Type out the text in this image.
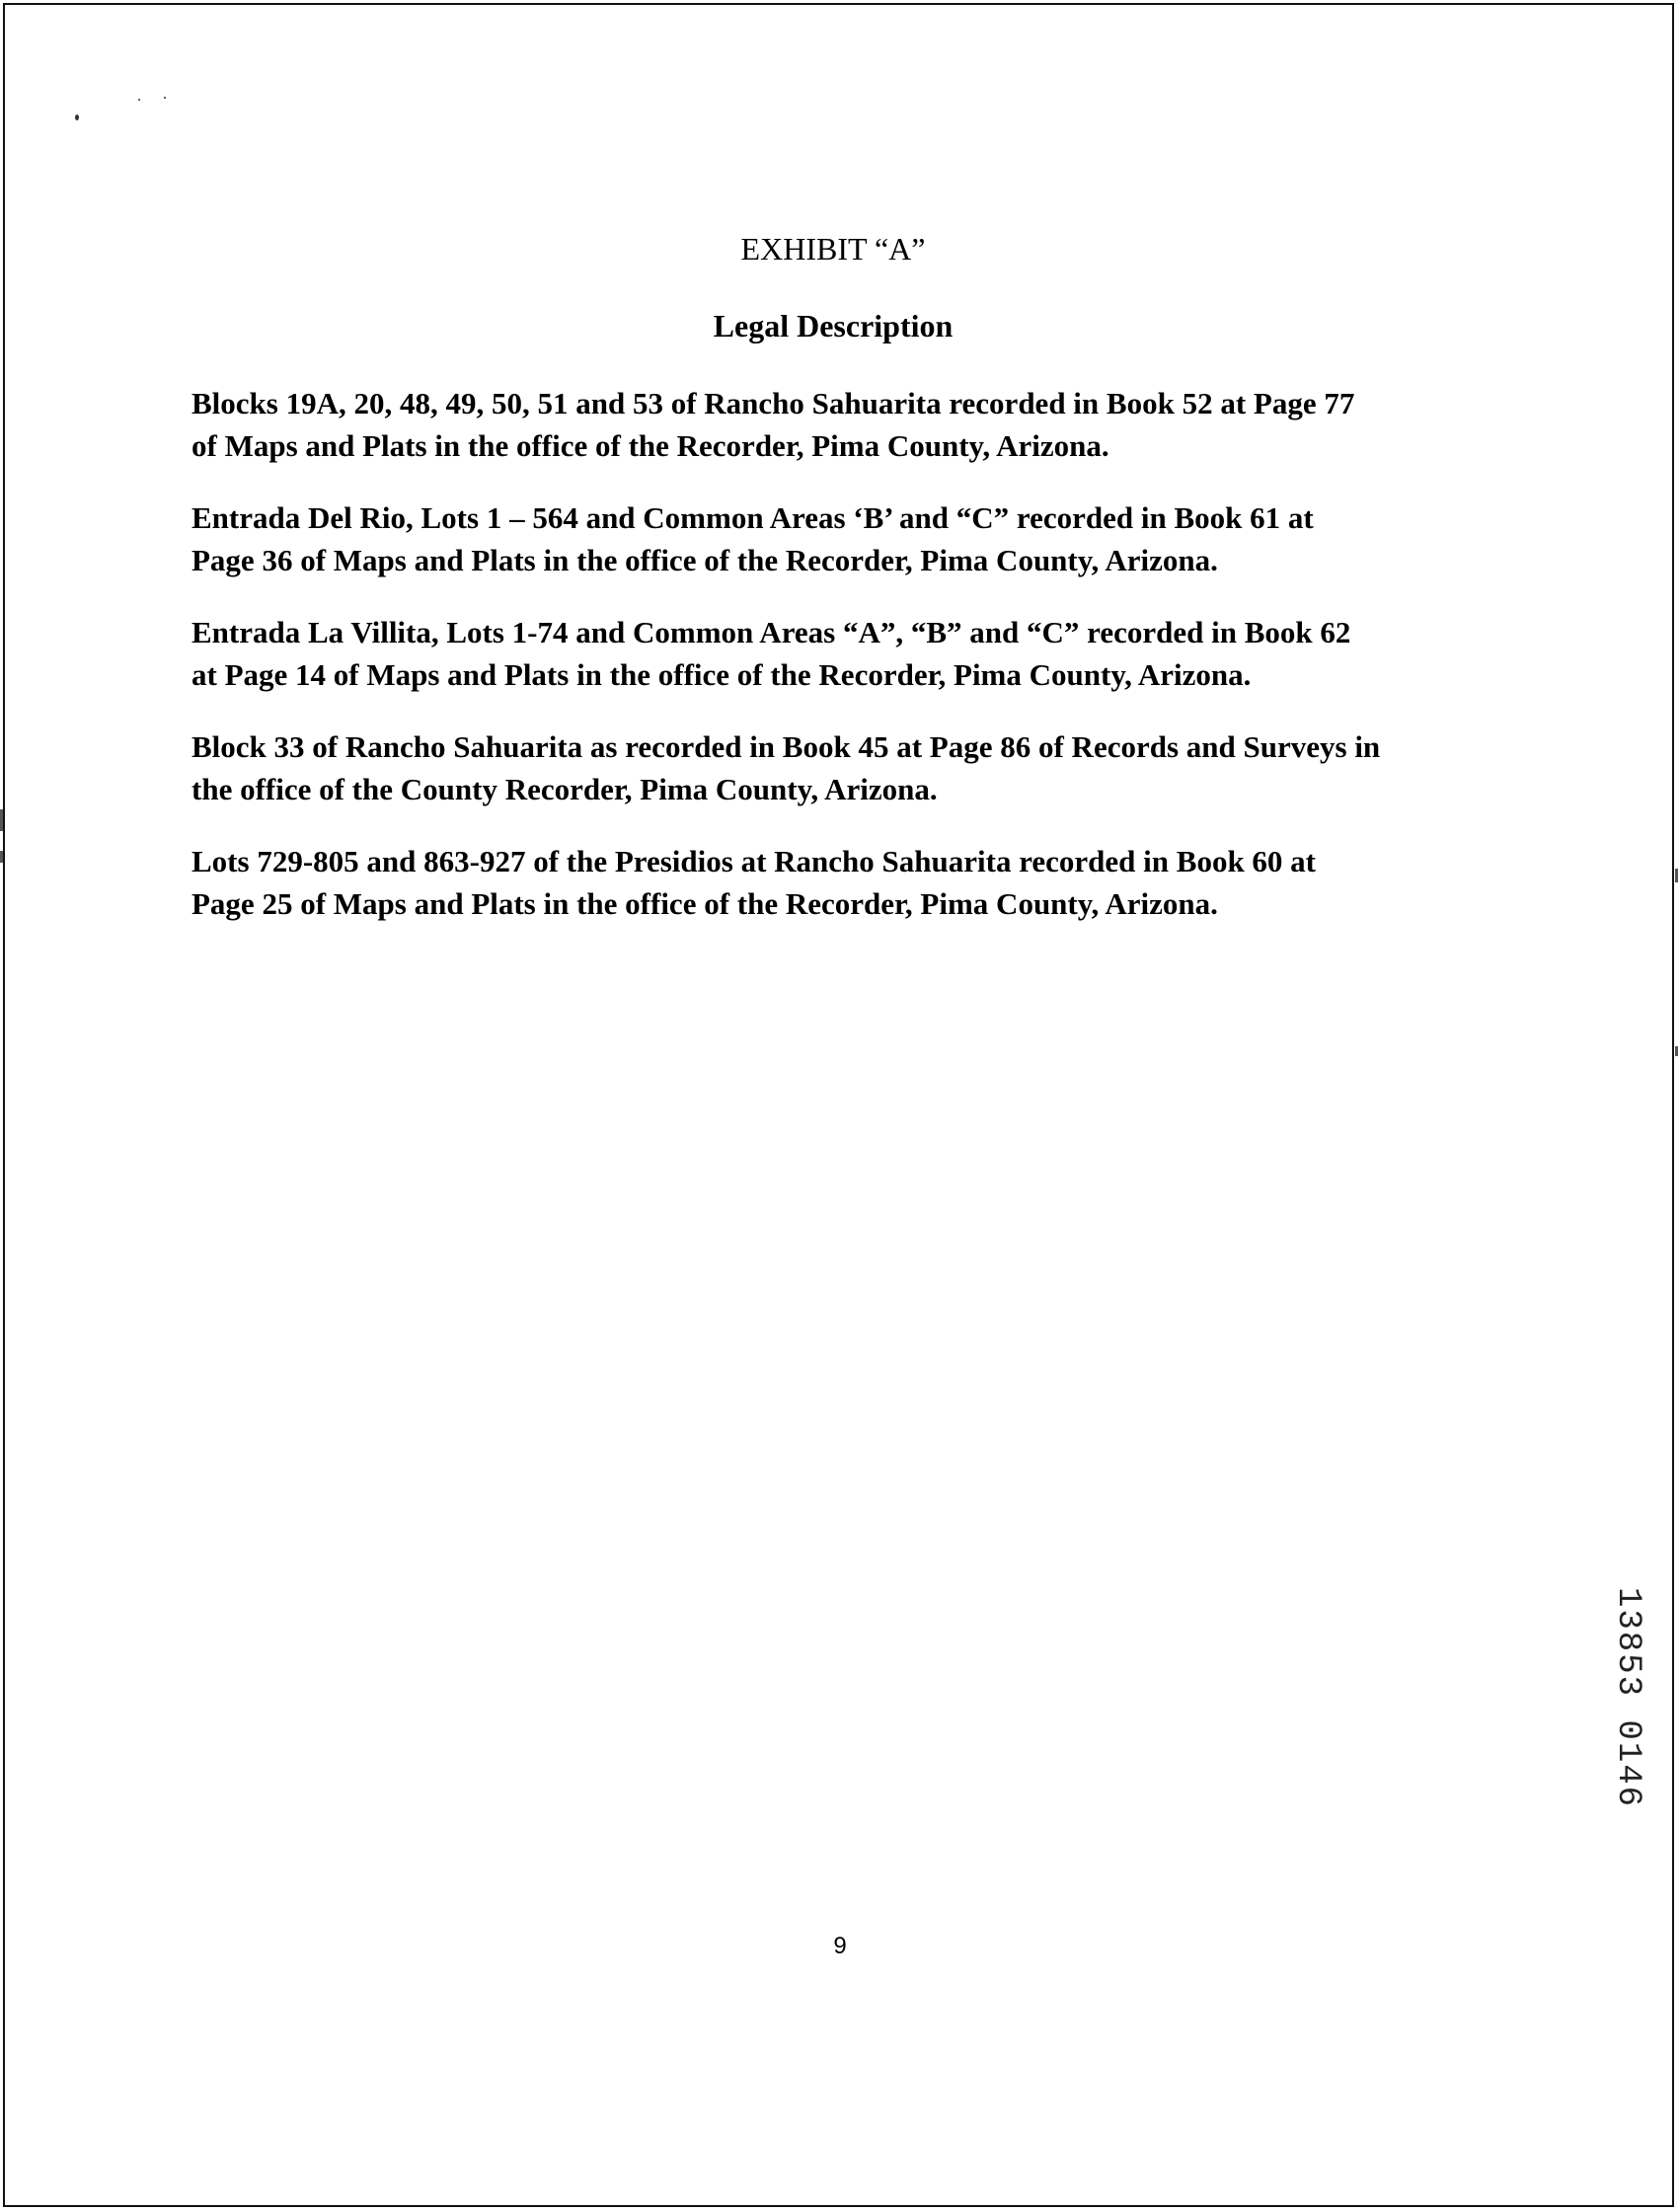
EXHIBIT “A”
Legal Description

Blocks 19A, 20, 48, 49, 50, 51 and 53 of Rancho Sahuarita recorded in Book 52 at Page 77
of Maps and Plats in the office of the Recorder, Pima County, Arizona.

Entrada Del Rio, Lots 1 – 564 and Common Areas ‘B’ and “C” recorded in Book 61 at
Page 36 of Maps and Plats in the office of the Recorder, Pima County, Arizona.

Entrada La Villita, Lots 1-74 and Common Areas “A”, “B” and “C” recorded in Book 62
at Page 14 of Maps and Plats in the office of the Recorder, Pima County, Arizona.

Block 33 of Rancho Sahuarita as recorded in Book 45 at Page 86 of Records and Surveys in
the office of the County Recorder, Pima County, Arizona.

Lots 729-805 and 863-927 of the Presidios at Rancho Sahuarita recorded in Book 60 at
Page 25 of Maps and Plats in the office of the Recorder, Pima County, Arizona.

13853 0146
9
